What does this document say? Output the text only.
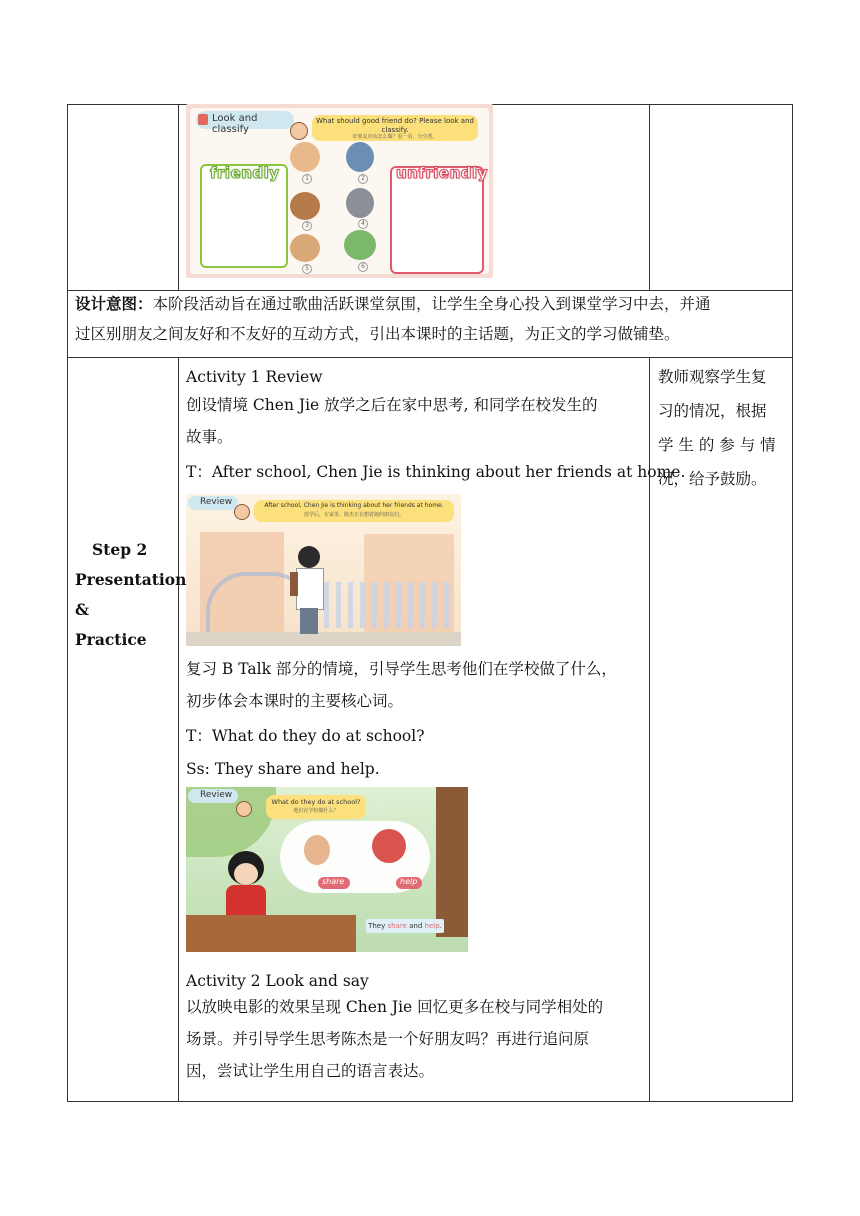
Look and classify
What should good friend do? Please look and classify.
好朋友应该怎么做？看一看，分分类。
friendly	unfriendly
1	2
3	4
5	6
设计意图：本阶段活动旨在通过歌曲活跃课堂氛围，让学生全身心投入到课堂学习中去，并通
过区别朋友之间友好和不友好的互动方式，引出本课时的主话题，为正文的学习做铺垫。
Step 2
Presentation
&
Practice
Activity 1 Review
创设情境 Chen Jie 放学之后在家中思考, 和同学在校发生的
故事。
T：After school, Chen Jie is thinking about her friends at home.
Review	After school, Chen Jie is thinking about her friends at home.
放学后，在家里，陈杰正在想着她的朋友们。
复习 B Talk 部分的情境，引导学生思考他们在学校做了什么，
初步体会本课时的主要核心词。
T：What do they do at school?
Ss: They share and help.
Review
What do they do at school?
他们在学校做什么？
share	help
They share and help.
Activity 2 Look and say
以放映电影的效果呈现 Chen Jie 回忆更多在校与同学相处的
场景。并引导学生思考陈杰是一个好朋友吗？再进行追问原
因，尝试让学生用自己的语言表达。
教师观察学生复
习的情况，根据
学 生 的 参 与 情
况，给予鼓励。
